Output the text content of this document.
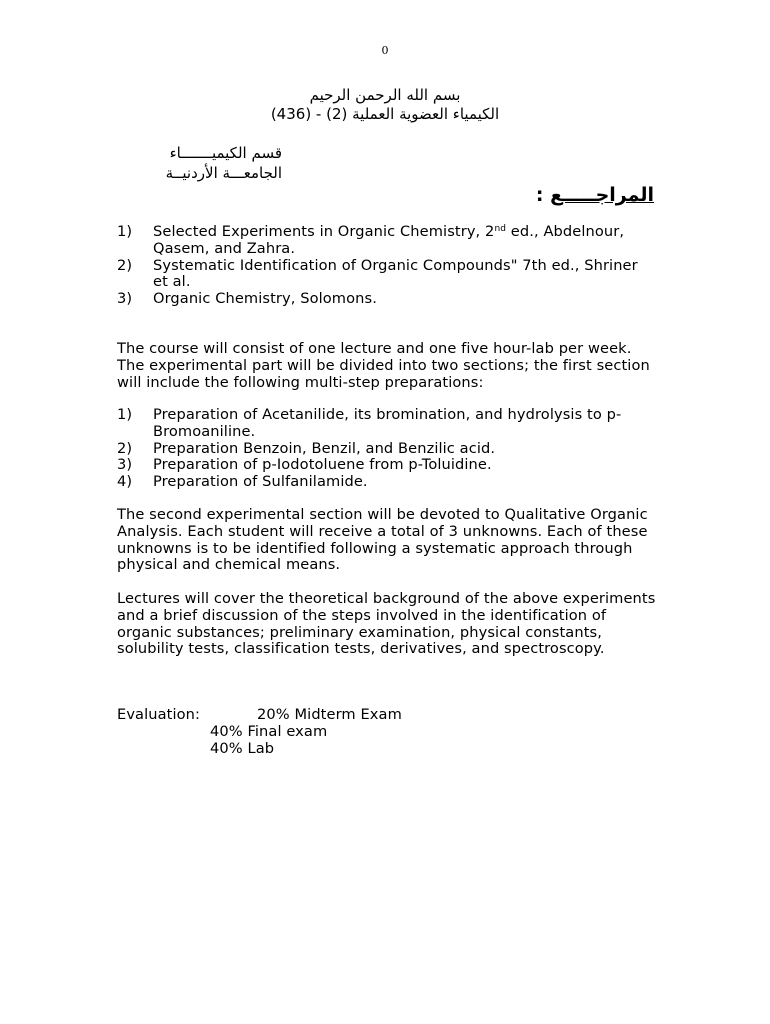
0
بسم الله الرحمن الرحيم
الكيمياء العضوية العملية (2) - (436)
قسم الكيميـــــــاء
الجامعـــة الأردنيــة
المراجـــــع :
1)	Selected Experiments in Organic Chemistry, 2nd ed., Abdelnour, Qasem, and Zahra.
2)	Systematic Identification of Organic Compounds" 7th ed., Shriner et al.
3)	Organic Chemistry, Solomons.

The course will consist of one lecture and one five hour-lab per week. The experimental part will be divided into two sections; the first section will include the following multi-step preparations:

1)	Preparation of Acetanilide, its bromination, and hydrolysis to p-Bromoaniline.
2)	Preparation Benzoin, Benzil, and Benzilic acid.
3)	Preparation of p-Iodotoluene from p-Toluidine.
4)	Preparation of Sulfanilamide.

The second experimental section will be devoted to Qualitative Organic Analysis. Each student will receive a total of 3 unknowns. Each of these unknowns is to be identified following a systematic approach through physical and chemical means.

Lectures will cover the theoretical background of the above experiments and a brief discussion of the steps involved in the identification of organic substances; preliminary examination, physical constants, solubility tests, classification tests, derivatives, and spectroscopy.

Evaluation:	20% Midterm Exam
40% Final exam
40% Lab
